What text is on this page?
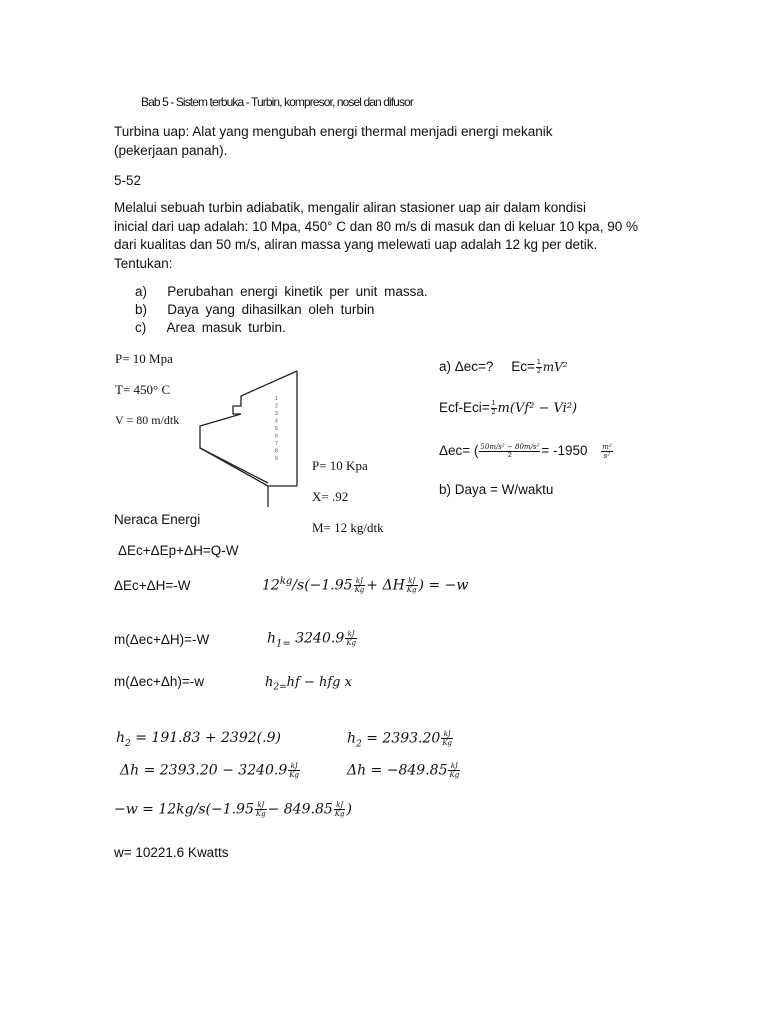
Bab 5 - Sistem terbuka - Turbin, kompresor, nosel dan difusor
Turbina uap: Alat yang mengubah energi thermal menjadi energi mekanik
(pekerjaan panah).
5-52
Melalui sebuah turbin adiabatik, mengalir aliran stasioner uap air dalam kondisi
inicial dari uap adalah: 10 Mpa, 450° C dan 80 m/s di masuk dan di keluar 10 kpa, 90 %
dari kualitas dan 50 m/s, aliran massa yang melewati uap adalah 12 kg per detik.
Tentukan:
a) Perubahan energi kinetik per unit massa.
b) Daya yang dihasilkan oleh turbin
c) Area masuk turbin.
P= 10 Mpa
T= 450° C
V = 80 m/dtk
1
2
3
4
5
6
7
8
9	P= 10 Kpa
X= .92
M= 12 kg/dtk
a) Δec=? $Ec= \frac{1}{2} mV^2$
$Ecf-Eci= \frac{1}{2} m(Vf^2 - Vi^2)$
Δec= ( $\frac{\text{50m/s² − 80m/s²}}{2} = -1950 \frac{\text{m²}}{\text{s²}}$
b) Daya = W/waktu
Neraca Energi
ΔEc+ΔEp+ΔH=Q-W
ΔEc+ΔH=-W
m(Δec+ΔH)=-W
m(Δec+Δh)=-w
$12^{kg}/s(-1.95 \frac{kJ}{Kg} + \Delta H \frac{kJ}{Kg}$ ) = −w
$h_{1=}$ $3240.9 \frac{kJ}{Kg}$
$h_{2=}hf$ − hfg x
$h_2 = 191.83 + 2392(.9)$	$h_2 = 2393.20 \frac{kJ}{Kg}$
$\Delta h = 2393.20 - 3240.9 \frac{kJ}{Kg}$	$\Delta h = -849.85 \frac{kJ}{Kg}$
$-w = 12kg/s(-1.95 \frac{kJ}{Kg} - 849.85 \frac{kJ}{Kg}$ )
w= 10221.6 Kwatts
